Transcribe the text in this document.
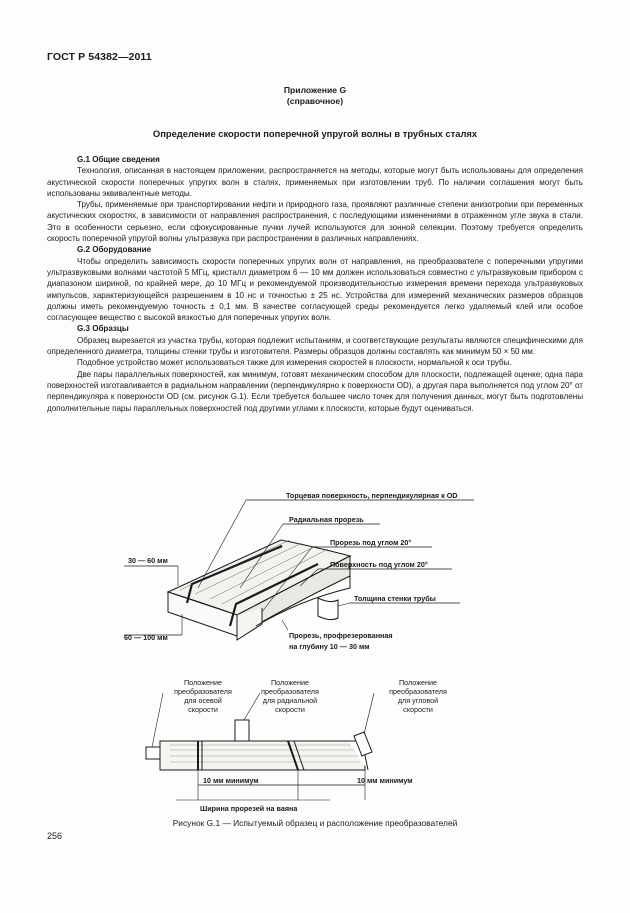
ГОСТ Р 54382—2011
Приложение G
(справочное)
Определение скорости поперечной упругой волны в трубных сталях
G.1 Общие сведения

Технология, описанная в настоящем приложении, распространяется на методы, которые могут быть использованы для определения акустической скорости поперечных упругих волн в сталях, применяемых при изготовлении труб. По наличии соглашения могут быть использованы эквивалентные методы.

Трубы, применяемые при транспортировании нефти и природного газа, проявляют различные степени анизотропии при переменных акустических скоростях, в зависимости от направления распространения, с последующими изменениями в отраженном угле звука в стали. Это в особенности серьезно, если сфокусированные пучки лучей используются для зонной селекции. Поэтому требуется определить скорость поперечной упругой волны ультразвука при распространении в различных направлениях.

G.2 Оборудование

Чтобы определить зависимость скорости поперечных упругих волн от направления, на преобразователе с поперечными упругими ультразвуковыми волнами частотой 5 МГц, кристалл диаметром 6 — 10 мм должен использоваться совместно с ультразвуковым прибором с диапазоном шириной, по крайней мере, до 10 МГц и рекомендуемой производительностью измерения времени перехода ультразвуковых импульсов, характеризующейся разрешением в 10 нс и точностью ± 25 нс. Устройства для измерений механических размеров образцов должны иметь рекомендуемую точность ± 0,1 мм. В качестве согласующей среды рекомендуется легко удаляемый клей или особое согласующее вещество с высокой вязкостью для поперечных упругих волн.

G.3 Образцы

Образец вырезается из участка трубы, которая подлежит испытаниям, и соответствующие результаты являются специфическими для определенного диаметра, толщины стенки трубы и изготовителя. Размеры образцов должны составлять как минимум 50 × 50 мм.

Подобное устройство может использоваться также для измерения скоростей в плоскости, нормальной к оси трубы.

Две пары параллельных поверхностей, как минимум, готовят механическим способом для плоскости, подлежащей оценке; одна пара поверхностей изготавливается в радиальном направлении (перпендикулярно к поверхности OD), а другая пара выполняется под углом 20° от перпендикуляра к поверхности OD (см. рисунок G.1). Если требуется большее число точек для получения данных, могут быть подготовлены дополнительные пары параллельных поверхностей под другими углами к плоскости, которые будут оцениваться.

Торцевая поверхность, перпендикулярная к OD
Радиальная прорезь
Прорезь под углом 20°
Поверхность под углом 20°
Толщина стенки трубы
Прорезь, профрезерованная
на глубину 10 — 30 мм
30 — 60 мм
60 — 100 мм
Положение
преобразователя
для осевой
скорости
Положение
преобразователя
для радиальной
скорости
Положение
преобразователя
для угловой
скорости
10 мм минимум	10 мм минимум
Ширина прорезей на ваяна
Рисунок G.1 — Испытуемый образец и расположение преобразователей
256
